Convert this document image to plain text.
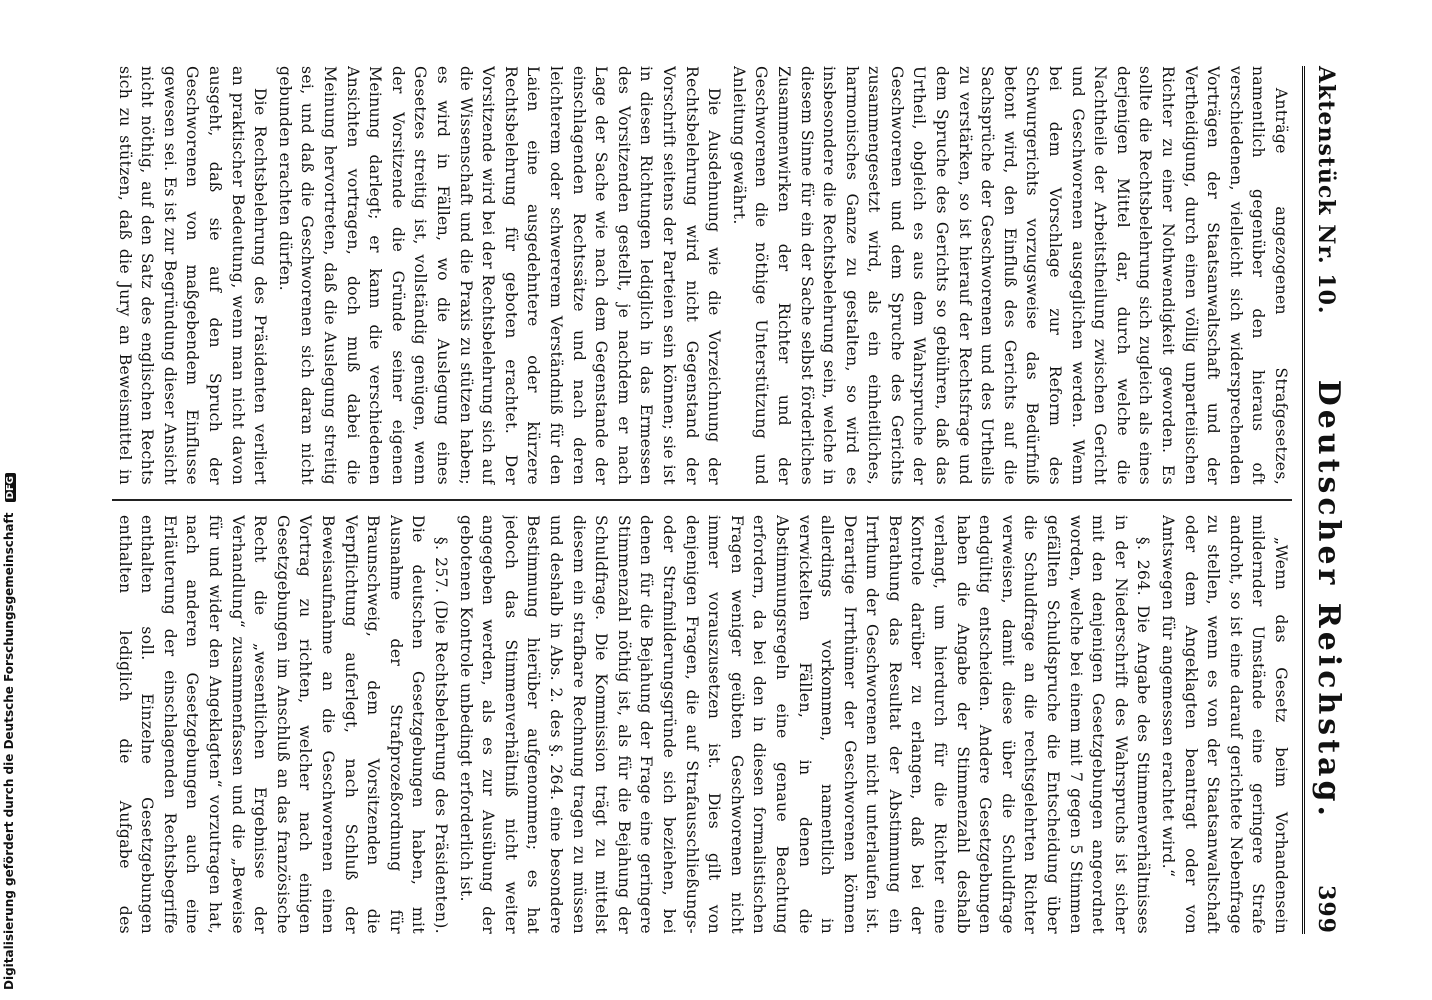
Digitalisierung gefördert durch die Deutsche Forschungsgemeinschaft DFG
Aktenstück Nr. 10.
Deutscher Reichstag.
399

Anträge angezogenen Strafgesetzes, namentlich gegenüber den hieraus oft verschiedenen, vielleicht sich widersprechenden Vorträgen der Staatsanwaltschaft und der Vertheidigung, durch einen völlig unparteiischen Richter zu einer Nothwendigkeit geworden. Es sollte die Rechtsbelehrung sich zugleich als eines derjenigen Mittel dar, durch welche die Nachtheile der Arbeitstheilung zwischen Gericht und Geschworenen ausgeglichen werden. Wenn bei dem Vorschlage zur Reform des Schwurgerichts vorzugsweise das Bedürfniß betont wird, den Einfluß des Gerichts auf die Sachsprüche der Geschworenen und des Urtheils zu verstärken, so ist hierauf der Rechtsfrage und dem Spruche des Gerichts so gebühren, daß das Urtheil, obgleich es aus dem Wahrspruche der Geschworenen und dem Spruche des Gerichts zusammengesetzt wird, als ein einheitliches, harmonisches Ganze zu gestalten, so wird es insbesondere die Rechtsbelehrung sein, welche in diesem Sinne für ein der Sache selbst förderliches Zusammenwirken der Richter und der Geschworenen die nöthige Unterstützung und Anleitung gewährt.

Die Ausdehnung wie die Vorzeichnung der Rechtsbelehrung wird nicht Gegenstand der Vorschrift seitens der Parteien sein können; sie ist in diesen Richtungen lediglich in das Ermessen des Vorsitzenden gestellt, je nachdem er nach Lage der Sache wie nach dem Gegenstande der einschlagenden Rechtssätze und nach deren leichterem oder schwererem Verständniß für den Laien eine ausgedehntere oder kürzere Rechtsbelehrung für geboten erachtet. Der Vorsitzende wird bei der Rechtsbelehrung sich auf die Wissenschaft und die Praxis zu stützen haben; es wird in Fällen, wo die Auslegung eines Gesetzes streitig ist, vollständig genügen, wenn der Vorsitzende die Gründe seiner eigenen Meinung darlegt; er kann die verschiedenen Ansichten vortragen, doch muß dabei die Meinung hervortreten, daß die Auslegung streitig sei, und daß die Geschworenen sich daran nicht gebunden erachten dürfen.

Die Rechtsbelehrung des Präsidenten verliert an praktischer Bedeutung, wenn man nicht davon ausgeht, daß sie auf den Spruch der Geschworenen von maßgebendem Einflusse gewesen sei. Es ist zur Begründung dieser Ansicht nicht nöthig, auf den Satz des englischen Rechts sich zu stützen, daß die Jury an Beweismittel in

„Wenn das Gesetz beim Vorhandensein mildernder Umstände eine geringere Strafe androht, so ist eine darauf gerichtete Nebenfrage zu stellen, wenn es von der Staatsanwaltschaft oder dem Angeklagten beantragt oder von Amtswegen für angemessen erachtet wird.“

§. 264. Die Angabe des Stimmenverhältnisses in der Niederschrift des Wahrspruchs ist sicher mit den denjenigen Gesetzgebungen angeordnet worden, welche bei einem mit 7 gegen 5 Stimmen gefällten Schuldspruche die Entscheidung über die Schuldfrage an die rechtsgelehrten Richter verweisen, damit diese über die Schuldfrage endgültig entscheiden. Andere Gesetzgebungen haben die Angabe der Stimmenzahl deshalb verlangt, um hierdurch für die Richter eine Kontrole darüber zu erlangen, daß bei der Berathung das Resultat der Abstimmung ein Irrthum der Geschworenen nicht unterlaufen ist. Derartige Irrthümer der Geschworenen können allerdings vorkommen, namentlich in verwickelten Fällen, in denen die Abstimmungsregeln eine genaue Beachtung erfordern, da bei den in diesen formalistischen Fragen weniger geübten Geschworenen nicht immer vorauszusetzen ist. Dies gilt von denjenigen Fragen, die auf Strafausschließungs- oder Strafmilderungsgründe sich beziehen, bei denen für die Bejahung der Frage eine geringere Stimmenzahl nöthig ist, als für die Bejahung der Schuldfrage. Die Kommission trägt zu mittelst diesem ein strafbare Rechnung tragen zu müssen und deshalb in Abs. 2. des §. 264. eine besondere Bestimmung hierüber aufgenommen; es hat jedoch das Stimmenverhältniß nicht weiter angegeben werden, als es zur Ausübung der gebotenen Kontrole unbedingt erforderlich ist.

§. 257. (Die Rechtsbelehrung des Präsidenten). Die deutschen Gesetzgebungen haben, mit Ausnahme der Strafprozeßordnung für Braunschweig, dem Vorsitzenden die Verpflichtung auferlegt, nach Schluß der Beweisaufnahme an die Geschworenen einen Vortrag zu richten, welcher nach einigen Gesetzgebungen im Anschluß an das französische Recht die „wesentlichen Ergebnisse der Verhandlung“ zusammenfassen und die „Beweise für und wider den Angeklagten“ vorzutragen hat, nach anderen Gesetzgebungen auch eine Erläuterung der einschlagenden Rechtsbegriffe enthalten soll. Einzelne Gesetzgebungen enthalten lediglich die Aufgabe des
